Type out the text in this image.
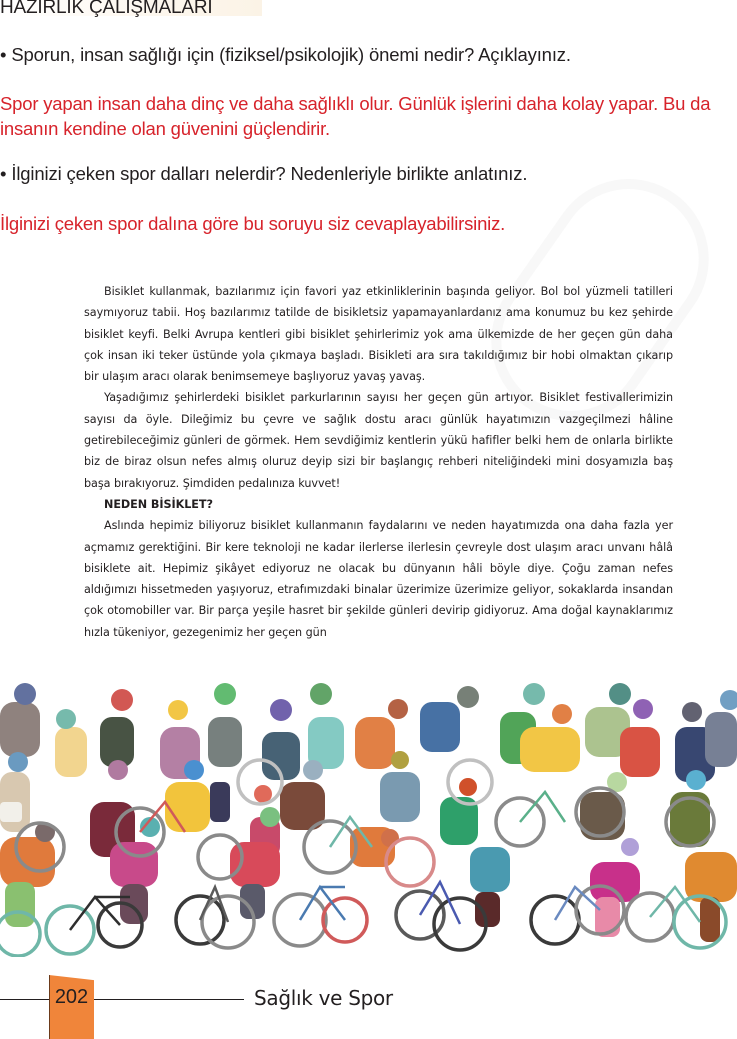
HAZIRLIK ÇALIŞMALARI
• Sporun, insan sağlığı için (fiziksel/psikolojik) önemi nedir? Açıklayınız.
Spor yapan insan daha dinç ve daha sağlıklı olur. Günlük işlerini daha kolay yapar. Bu da insanın kendine olan güvenini güçlendirir.
• İlginizi çeken spor dalları nelerdir? Nedenleriyle birlikte anlatınız.
İlginizi çeken spor dalına göre bu soruyu siz cevaplayabilirsiniz.

Bisiklet kullanmak, bazılarımız için favori yaz etkinliklerinin başında geliyor. Bol bol yüzmeli tatilleri saymıyoruz tabii. Hoş bazılarımız tatilde de bisikletsiz yapamayanlardanız ama konumuz bu kez şehirde bisiklet keyfi. Belki Avrupa kentleri gibi bisiklet şehirlerimiz yok ama ülkemizde de her geçen gün daha çok insan iki teker üstünde yola çıkmaya başladı. Bisikleti ara sıra takıldığımız bir hobi olmaktan çıkarıp bir ulaşım aracı olarak benimsemeye başlıyoruz yavaş yavaş.

Yaşadığımız şehirlerdeki bisiklet parkurlarının sayısı her geçen gün artıyor. Bisiklet festivallerimizin sayısı da öyle. Dileğimiz bu çevre ve sağlık dostu aracı günlük hayatımızın vazgeçilmezi hâline getirebileceğimiz günleri de görmek. Hem sevdiğimiz kentlerin yükü hafifler belki hem de onlarla birlikte biz de biraz olsun nefes almış oluruz deyip sizi bir başlangıç rehberi niteliğindeki mini dosyamızla baş başa bırakıyoruz. Şimdiden pedalınıza kuvvet!

NEDEN BİSİKLET?

Aslında hepimiz biliyoruz bisiklet kullanmanın faydalarını ve neden hayatımızda ona daha fazla yer açmamız gerektiğini. Bir kere teknoloji ne kadar ilerlerse ilerlesin çevreyle dost ulaşım aracı unvanı hâlâ bisiklete ait. Hepimiz şikâyet ediyoruz ne olacak bu dünyanın hâli böyle diye. Çoğu zaman nefes aldığımızı hissetmeden yaşıyoruz, etrafımızdaki binalar üzerimize üzerimize geliyor, sokaklarda insandan çok otomobiller var. Bir parça yeşile hasret bir şekilde günleri devirip gidiyoruz. Ama doğal kaynaklarımız hızla tükeniyor, gezegenimiz her geçen gün

202	Sağlık ve Spor
